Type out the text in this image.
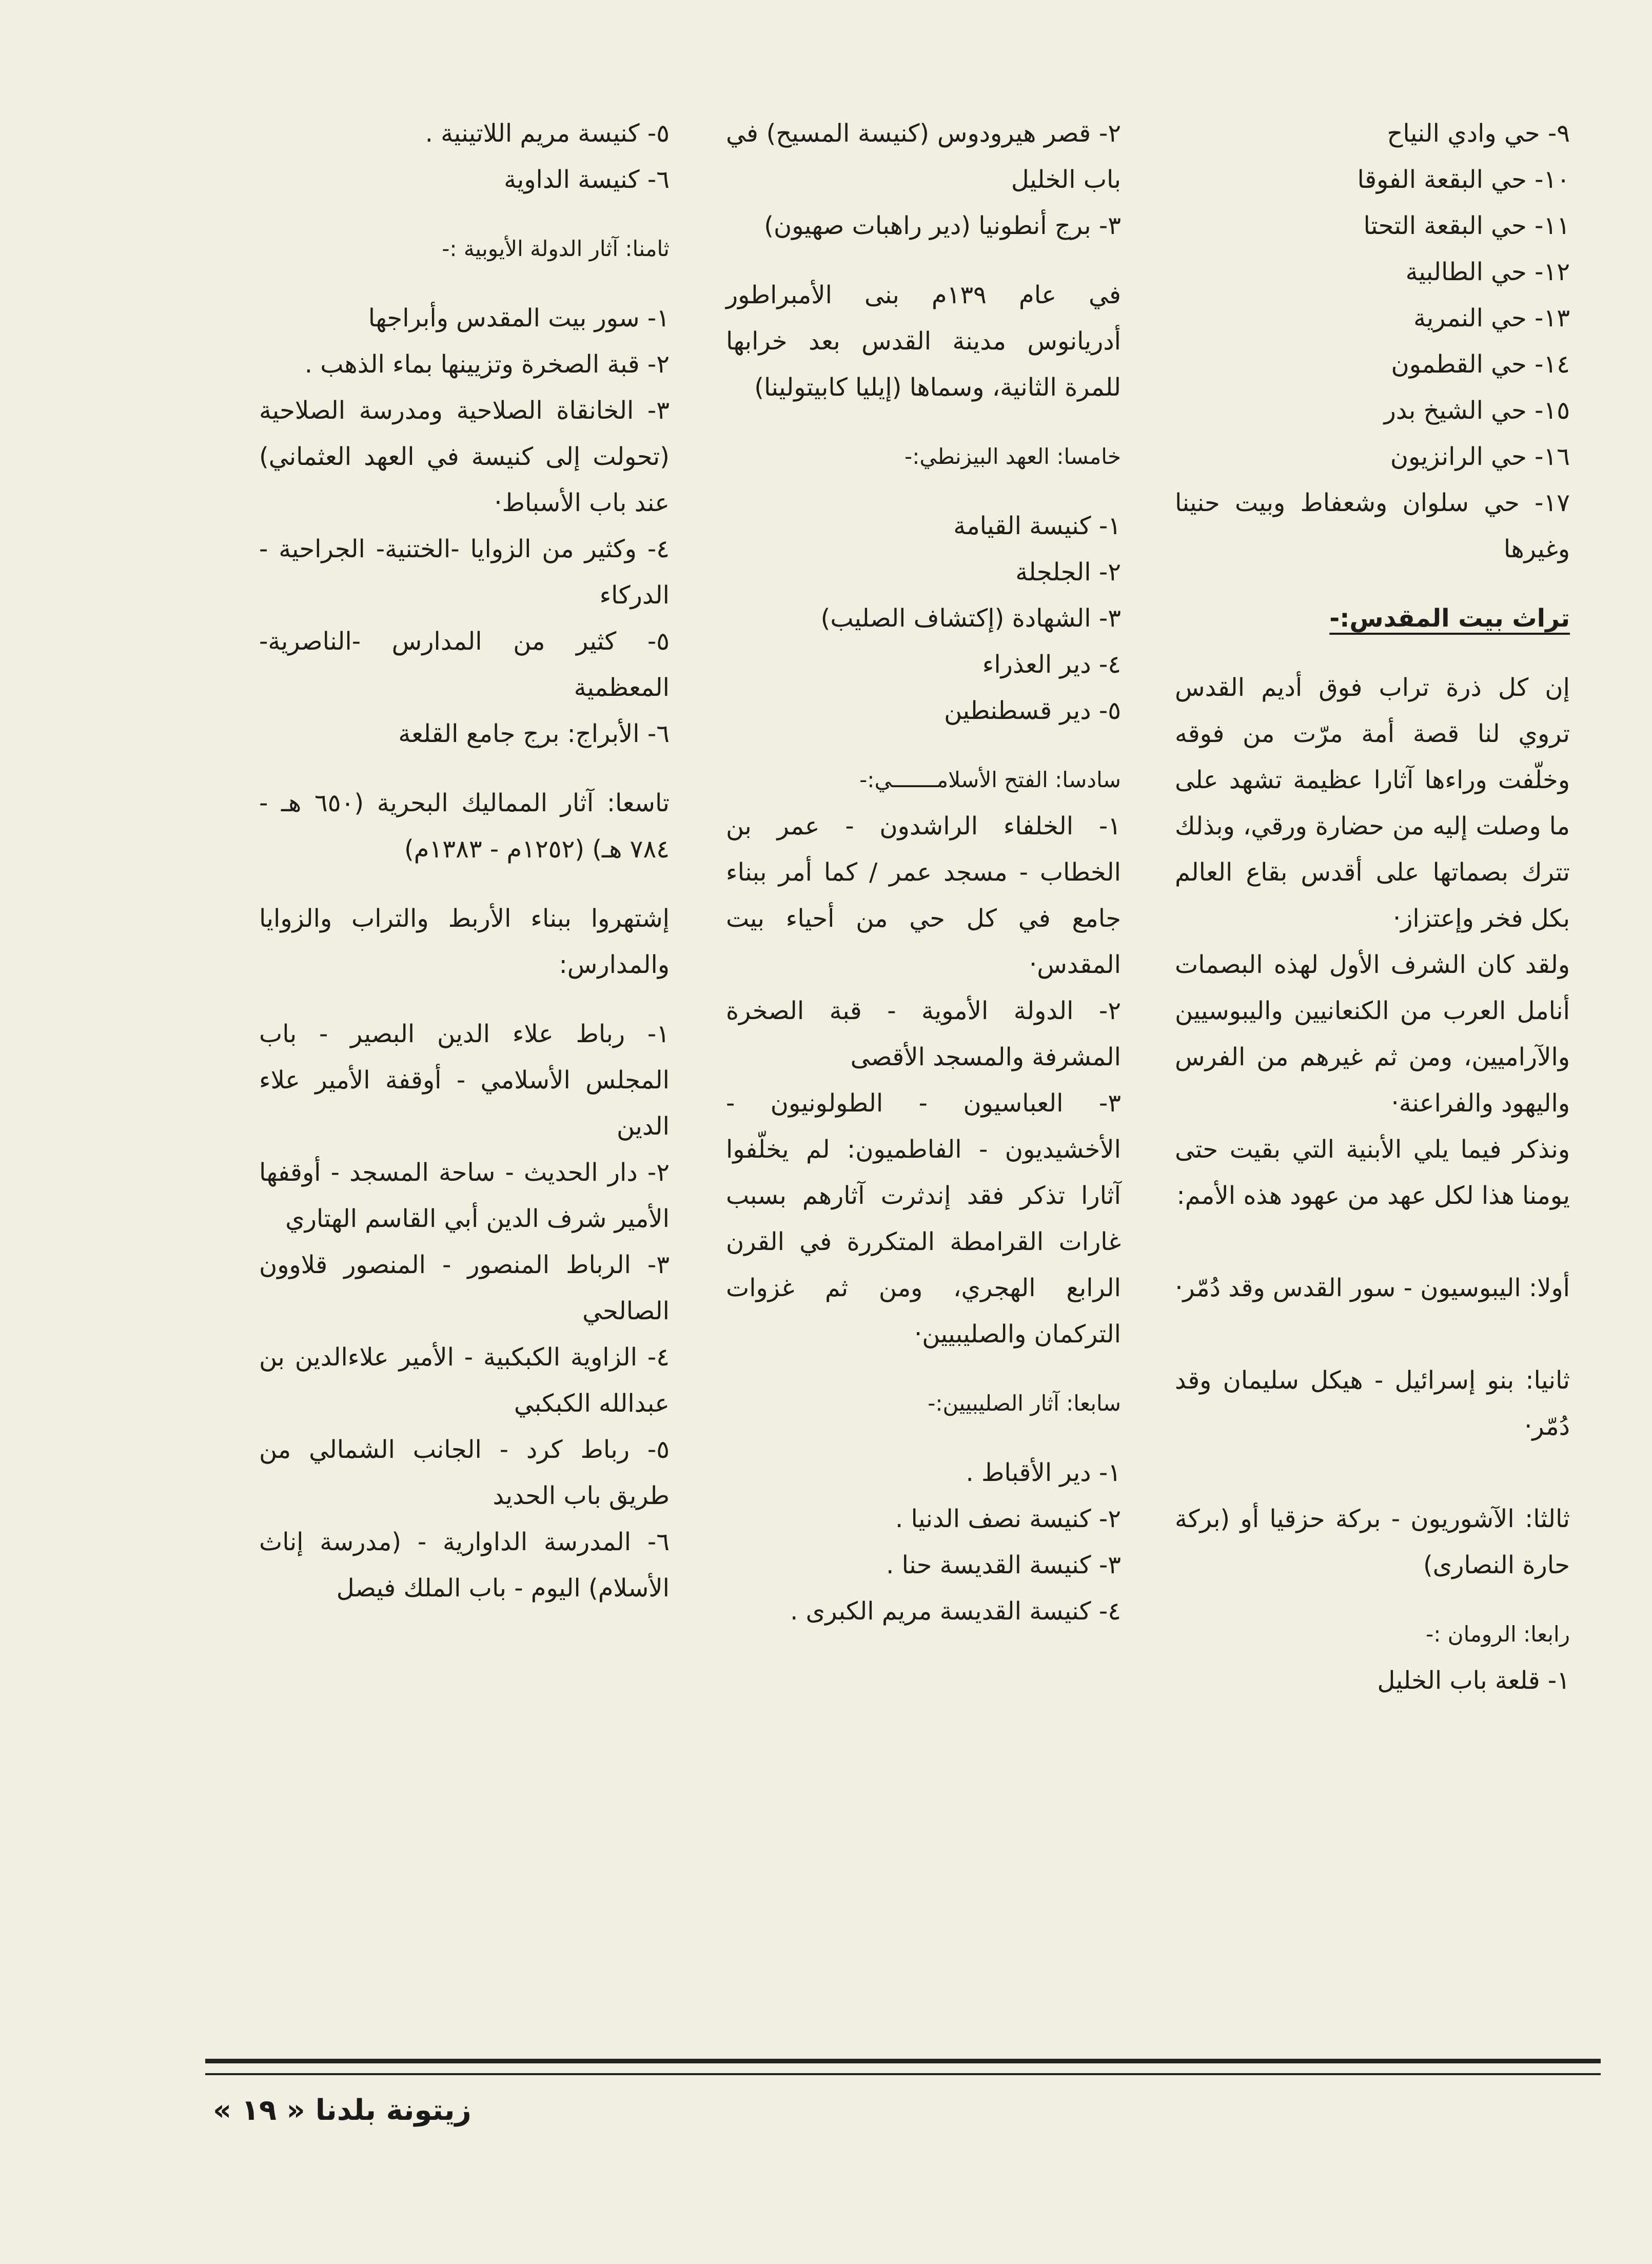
٩- حي وادي النياح

١٠- حي البقعة الفوقا

١١- حي البقعة التحتا

١٢- حي الطالبية

١٣- حي النمرية

١٤- حي القطمون

١٥- حي الشيخ بدر

١٦- حي الرانزيون

١٧- حي سلوان وشعفاط وبيت حنينا وغيرها

تراث بيت المقدس:-

إن كل ذرة تراب فوق أديم القدس تروي لنا قصة أمة مرّت من فوقه وخلّفت وراءها آثارا عظيمة تشهد على ما وصلت إليه من حضارة ورقي، وبذلك تترك بصماتها على أقدس بقاع العالم بكل فخر وإعتزاز·

ولقد كان الشرف الأول لهذه البصمات أنامل العرب من الكنعانيين واليبوسيين والآراميين، ومن ثم غيرهم من الفرس واليهود والفراعنة·

ونذكر فيما يلي الأبنية التي بقيت حتى يومنا هذا لكل عهد من عهود هذه الأمم:

أولا: اليبوسيون - سور القدس وقد دُمّر·

ثانيا: بنو إسرائيل - هيكل سليمان وقد دُمّر·

ثالثا: الآشوريون - بركة حزقيا أو (بركة حارة النصارى)

رابعا: الرومان :-

١- قلعة باب الخليل

٢- قصر هيرودوس (كنيسة المسيح) في باب الخليل

٣- برج أنطونيا (دير راهبات صهيون)

في عام ١٣٩م بنى الأمبراطور أدريانوس مدينة القدس بعد خرابها للمرة الثانية، وسماها (إيليا كابيتولينا)

خامسا: العهد البيزنطي:-

١- كنيسة القيامة

٢- الجلجلة

٣- الشهادة (إكتشاف الصليب)

٤- دير العذراء

٥- دير قسطنطين

سادسا: الفتح الأسلامـــــــي:-

١- الخلفاء الراشدون - عمر بن الخطاب - مسجد عمر / كما أمر ببناء جامع في كل حي من أحياء بيت المقدس·

٢- الدولة الأموية - قبة الصخرة المشرفة والمسجد الأقصى

٣- العباسيون - الطولونيون - الأخشيديون - الفاطميون: لم يخلّفوا آثارا تذكر فقد إندثرت آثارهم بسبب غارات القرامطة المتكررة في القرن الرابع الهجري، ومن ثم غزوات التركمان والصليبيين·

سابعا: آثار الصليبيين:-

١- دير الأقباط .

٢- كنيسة نصف الدنيا .

٣- كنيسة القديسة حنا .

٤- كنيسة القديسة مريم الكبرى .

٥- كنيسة مريم اللاتينية .

٦- كنيسة الداوية

ثامنا: آثار الدولة الأيوبية :-

١- سور بيت المقدس وأبراجها

٢- قبة الصخرة وتزيينها بماء الذهب .

٣- الخانقاة الصلاحية ومدرسة الصلاحية (تحولت إلى كنيسة في العهد العثماني) عند باب الأسباط·

٤- وكثير من الزوايا -الختنية- الجراحية - الدركاء

٥- كثير من المدارس -الناصرية- المعظمية

٦- الأبراج: برج جامع القلعة

تاسعا: آثار المماليك البحرية (٦٥٠ هـ - ٧٨٤ هـ) (١٢٥٢م - ١٣٨٣م)

إشتهروا ببناء الأربط والتراب والزوايا والمدارس:

١- رباط علاء الدين البصير - باب المجلس الأسلامي - أوقفة الأمير علاء الدين

٢- دار الحديث - ساحة المسجد - أوقفها الأمير شرف الدين أبي القاسم الهتاري

٣- الرباط المنصور - المنصور قلاوون الصالحي

٤- الزاوية الكبكبية - الأمير علاءالدين بن عبدالله الكبكبي

٥- رباط كرد - الجانب الشمالي من طريق باب الحديد

٦- المدرسة الداوارية - (مدرسة إناث الأسلام) اليوم - باب الملك فيصل

زيتونة بلدنا« ١٩ »
